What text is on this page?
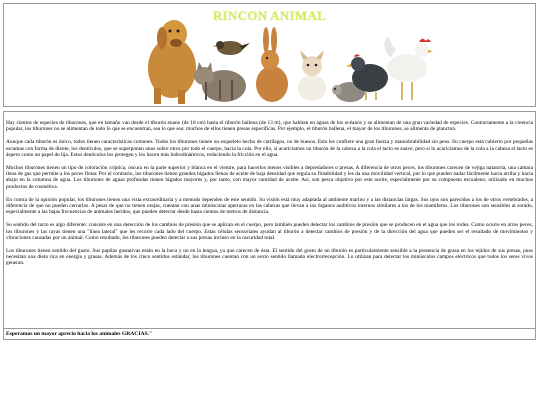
RINCON ANIMAL

Hay cientos de especies de tiburones, que en tamaño van desde el tiburón enano (de 18 cm) hasta el tiburón ballena (de 13 m), que habitan en aguas de los océanos y se alimentan de una gran variedad de especies. Contrariamente a la creencia popular, los tiburones no se alimentan de todo lo que se encuentran, sea lo que sea: muchos de ellos tienen presas específicas. Por ejemplo, el tiburón ballena, el mayor de los tiburones, se alimenta de plancton.

Aunque cada tiburón es único, todos tienen características comunes. Todos los tiburones tienen un esqueleto hecho de cartílagos, no de huesos. Esto les confiere una gran fuerza y maniobrabilidad sin peso. Su cuerpo está cubierto por pequeñas escamas con forma de diente, los dentículos, que se superponen unos sobre otros por todo el cuerpo, hacia la cola. Por ello, si acariciamos un tiburón de la cabeza a la cola el tacto es suave, pero si lo acariciamos de la cola a la cabeza el tacto es áspero como un papel de lija. Estos dentículos los protegen y los hacen más hidrodinámicos, reduciendo la fricción en el agua.

Muchos tiburones tienen un tipo de coloración críptica, oscura en la parte superior y blanca en el vientre, para hacerlos menos visibles a depredadores o presas. A diferencia de otros peces, los tiburones carecen de vejiga natatoria, una cámara llena de gas que permite a los peces flotar. Por el contrario, los tiburones tienen grandes hígados llenos de aceite de baja densidad que regula su flotabilidad y les da una movilidad vertical, por lo que pueden nadar fácilmente hacia arriba y hacia abajo en la columna de agua. Los tiburones de aguas profundas tienen hígados mayores y, por tanto, con mayor cantidad de aceite. Así, son pesca objetivo por este aceite, especialmente por su compuesto escualeno, utilizado en muchos productos de cosmética.

En contra de la opinión popular, los tiburones tienen una vista extraordinaria y a menudo dependen de este sentido. Su visión está muy adaptada al ambiente marino y a las distancias largas. Sus ojos son parecidos a los de otros vertebrados, a diferencia de que no pueden cerrarlos. A pesar de que no tienen orejas, cuentan con unas minúsculas aperturas en las cabezas que llevan a los órganos auditivos internos similares a los de los mamíferos. Los tiburones son sensibles al sonido, especialmente a las bajas frecuencias de animales heridos, que pueden detectar desde hasta cientos de metros de distancia.

Su sentido del tacto es algo diferente: consiste en una detección de los cambios de presión que se aplican en el cuerpo, pero también pueden detectar los cambios de presión que se producen en el agua que los rodea. Como ocurre en otros peces, los tiburones y las rayas tienen una "línea lateral" que les recorre cada lado del cuerpo. Estas células sensoriales ayudan al tiburón a detectar cambios de presión y de la dirección del agua que pueden ser el resultado de movimientos y vibraciones causadas por un animal. Como resultado, los tiburones pueden detectar a sus presas incluso en la oscuridad total.

Los tiburones tienen sentido del gusto. Sus papilas gustativas están en la boca y no en la lengua, ya que carecen de ésta. El sentido del gusto de un tiburón es particularmente sensible a la presencia de grasa en los tejidos de sus presas, pues necesitan una dieta rica en energía y grasas. Además de los cinco sentidos estándar, los tiburones cuentan con un sexto sentido llamado electrorrecepción. Lo utilizan para detectar los minúsculos campos eléctricos que todos los seres vivos generan.

Esperamos un mayor aprecio hacia los animales GRACIAS."
